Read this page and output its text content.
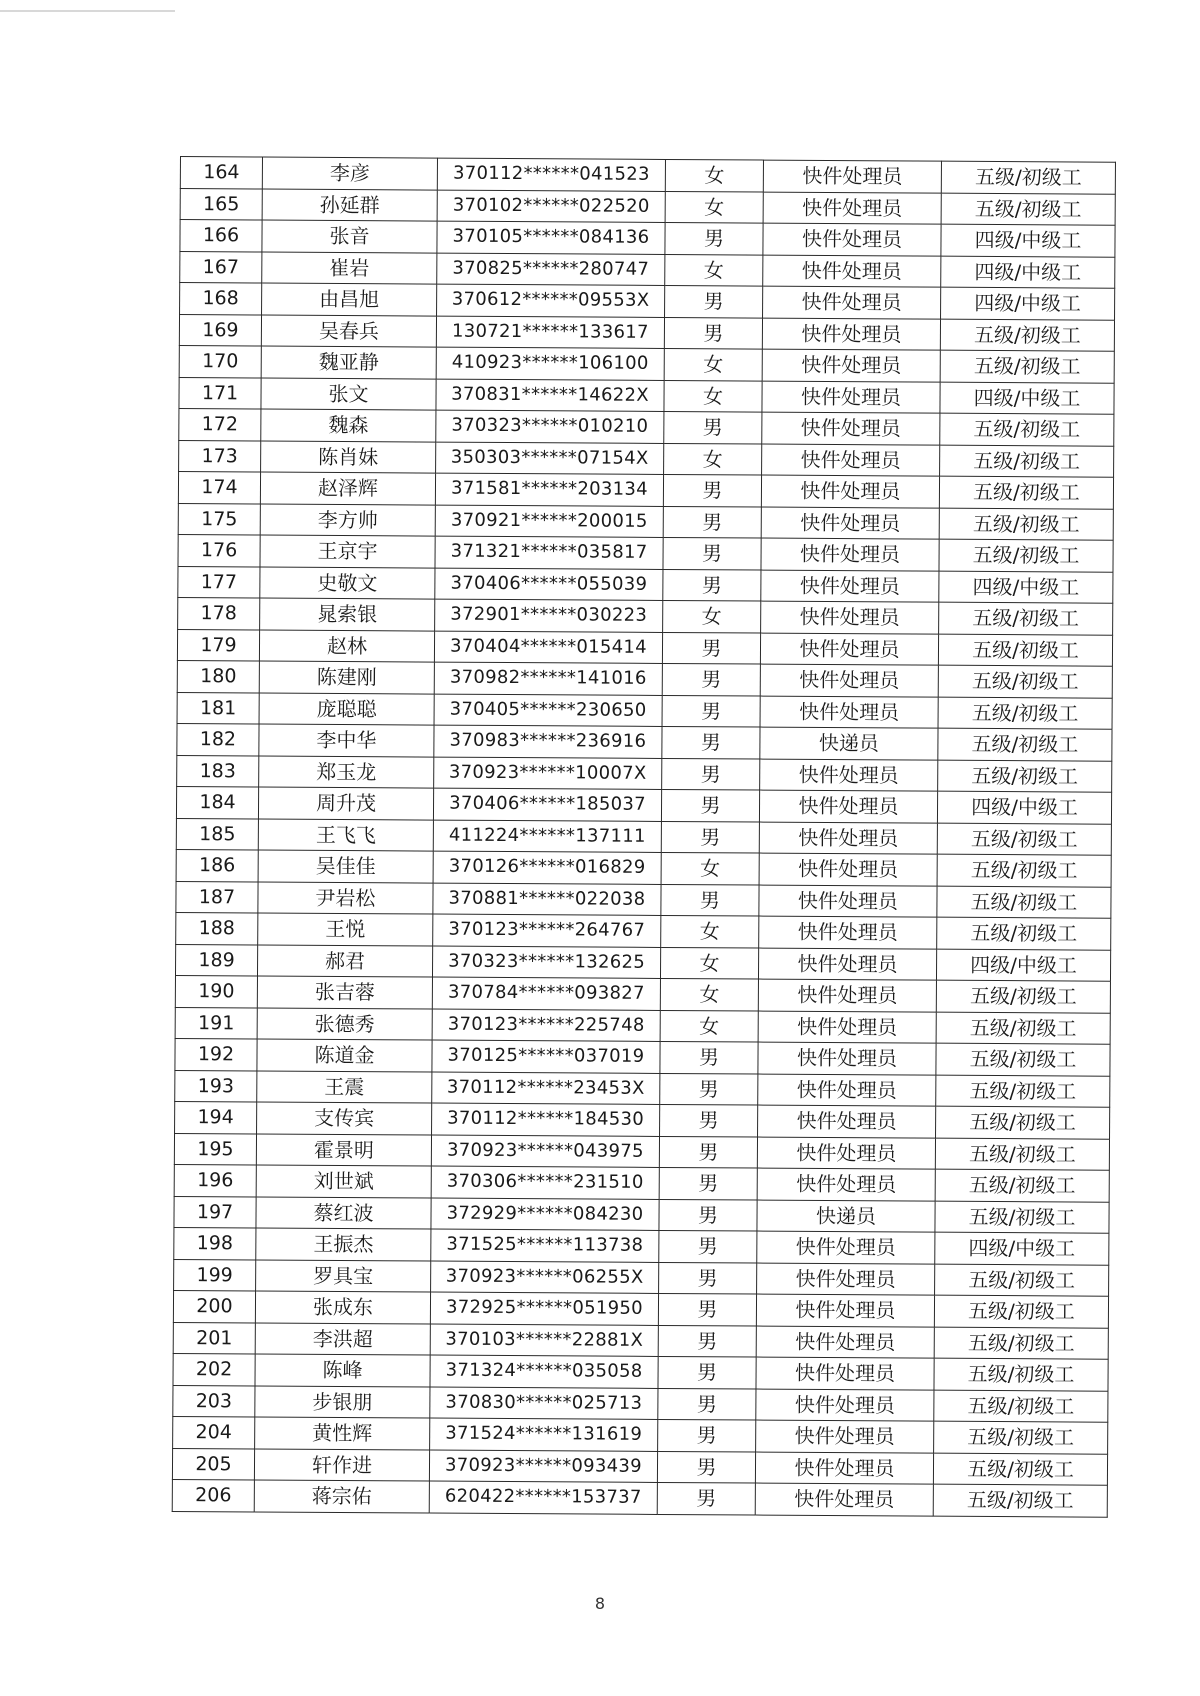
164	李彦	370112******041523	女	快件处理员	五级/初级工
165	孙延群	370102******022520	女	快件处理员	五级/初级工
166	张音	370105******084136	男	快件处理员	四级/中级工
167	崔岩	370825******280747	女	快件处理员	四级/中级工
168	由昌旭	370612******09553X	男	快件处理员	四级/中级工
169	吴春兵	130721******133617	男	快件处理员	五级/初级工
170	魏亚静	410923******106100	女	快件处理员	五级/初级工
171	张文	370831******14622X	女	快件处理员	四级/中级工
172	魏森	370323******010210	男	快件处理员	五级/初级工
173	陈肖妹	350303******07154X	女	快件处理员	五级/初级工
174	赵泽辉	371581******203134	男	快件处理员	五级/初级工
175	李方帅	370921******200015	男	快件处理员	五级/初级工
176	王京宇	371321******035817	男	快件处理员	五级/初级工
177	史敬文	370406******055039	男	快件处理员	四级/中级工
178	晁索银	372901******030223	女	快件处理员	五级/初级工
179	赵林	370404******015414	男	快件处理员	五级/初级工
180	陈建刚	370982******141016	男	快件处理员	五级/初级工
181	庞聪聪	370405******230650	男	快件处理员	五级/初级工
182	李中华	370983******236916	男	快递员	五级/初级工
183	郑玉龙	370923******10007X	男	快件处理员	五级/初级工
184	周升茂	370406******185037	男	快件处理员	四级/中级工
185	王飞飞	411224******137111	男	快件处理员	五级/初级工
186	吴佳佳	370126******016829	女	快件处理员	五级/初级工
187	尹岩松	370881******022038	男	快件处理员	五级/初级工
188	王悦	370123******264767	女	快件处理员	五级/初级工
189	郝君	370323******132625	女	快件处理员	四级/中级工
190	张吉蓉	370784******093827	女	快件处理员	五级/初级工
191	张德秀	370123******225748	女	快件处理员	五级/初级工
192	陈道金	370125******037019	男	快件处理员	五级/初级工
193	王震	370112******23453X	男	快件处理员	五级/初级工
194	支传宾	370112******184530	男	快件处理员	五级/初级工
195	霍景明	370923******043975	男	快件处理员	五级/初级工
196	刘世斌	370306******231510	男	快件处理员	五级/初级工
197	蔡红波	372929******084230	男	快递员	五级/初级工
198	王振杰	371525******113738	男	快件处理员	四级/中级工
199	罗具宝	370923******06255X	男	快件处理员	五级/初级工
200	张成东	372925******051950	男	快件处理员	五级/初级工
201	李洪超	370103******22881X	男	快件处理员	五级/初级工
202	陈峰	371324******035058	男	快件处理员	五级/初级工
203	步银朋	370830******025713	男	快件处理员	五级/初级工
204	黄性辉	371524******131619	男	快件处理员	五级/初级工
205	轩作进	370923******093439	男	快件处理员	五级/初级工
206	蒋宗佑	620422******153737	男	快件处理员	五级/初级工
8
